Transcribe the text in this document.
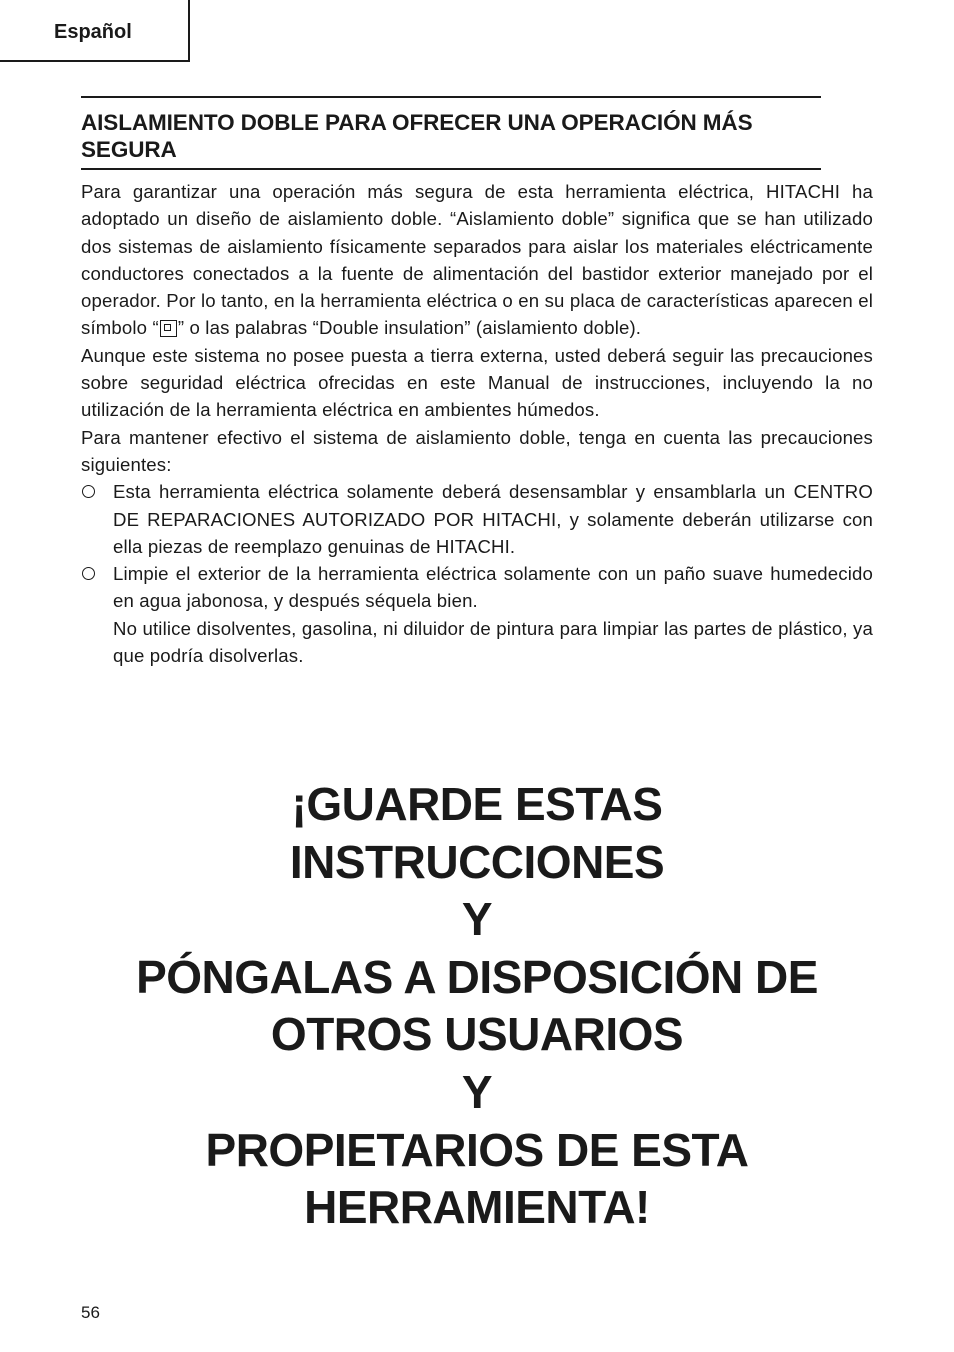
Español
AISLAMIENTO DOBLE PARA OFRECER UNA OPERACIÓN MÁS SEGURA

Para garantizar una operación más segura de esta herramienta eléctrica, HITACHI ha adoptado un diseño de aislamiento doble. “Aislamiento doble” significa que se han utilizado dos sistemas de aislamiento físicamente separados para aislar los materiales eléctricamente conductores conectados a la fuente de alimentación del bastidor exterior manejado por el operador. Por lo tanto, en la herramienta eléctrica o en su placa de características aparecen el símbolo “ ” o las palabras “Double insulation” (aislamiento doble).

Aunque este sistema no posee puesta a tierra externa, usted deberá seguir las precauciones sobre seguridad eléctrica ofrecidas en este Manual de instrucciones, incluyendo la no utilización de la herramienta eléctrica en ambientes húmedos.

Para mantener efectivo el sistema de aislamiento doble, tenga en cuenta las precauciones siguientes:

Esta herramienta eléctrica solamente deberá desensamblar y ensamblarla un CENTRO DE REPARACIONES AUTORIZADO POR HITACHI, y solamente deberán utilizarse con ella piezas de reemplazo genuinas de HITACHI.

Limpie el exterior de la herramienta eléctrica solamente con un paño suave humedecido en agua jabonosa, y después séquela bien.

No utilice disolventes, gasolina, ni diluidor de pintura para limpiar las partes de plástico, ya que podría disolverlas.

¡GUARDE ESTAS
INSTRUCCIONES
Y
PÓNGALAS A DISPOSICIÓN DE
OTROS USUARIOS
Y
PROPIETARIOS DE ESTA
HERRAMIENTA!
56
